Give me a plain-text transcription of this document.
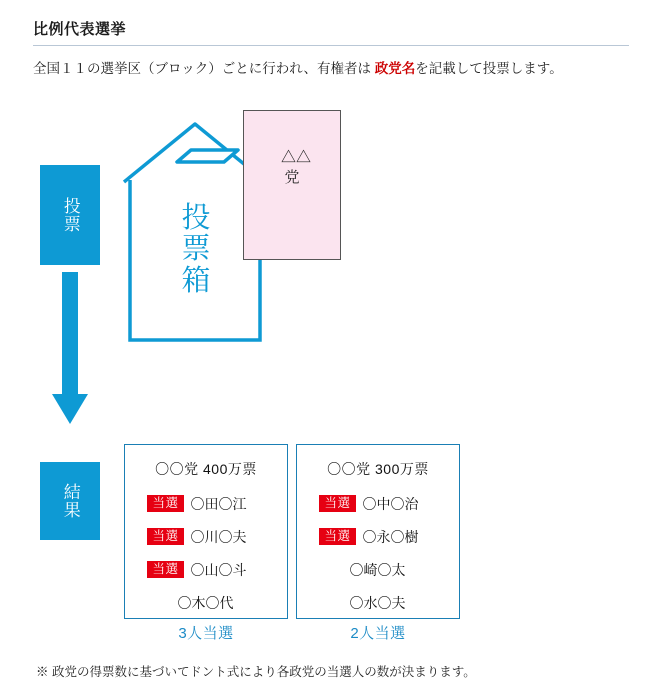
比例代表選挙
全国１１の選挙区（ブロック）ごとに行われ、有権者は 政党名を記載して投票します。
投票
結果
投票箱
△△党
〇〇党 400万票
当選 〇田〇江
当選 〇川〇夫
当選 〇山〇斗
〇木〇代
3人当選
〇〇党 300万票
当選 〇中〇治
当選 〇永〇樹
〇崎〇太
〇水〇夫
2人当選
※ 政党の得票数に基づいてドント式により各政党の当選人の数が決まります。
